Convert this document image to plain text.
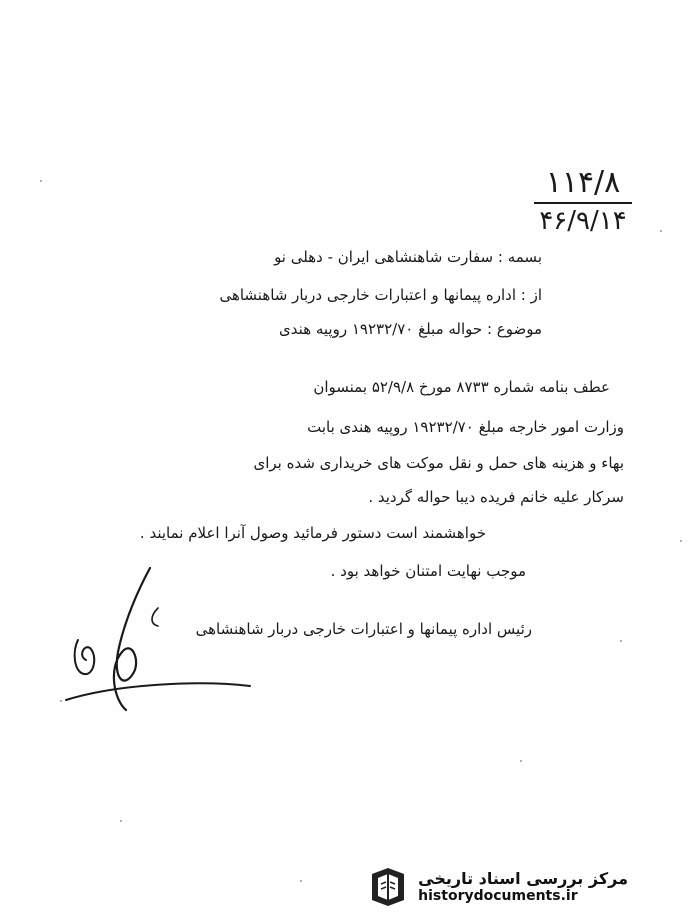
۱۱۴/۸
۴۶/۹/۱۴
بسمه : سفارت شاهنشاهی ایران - دهلی نو
از : اداره پیمانها و اعتبارات خارجی دربار شاهنشاهی
موضوع : حواله مبلغ ۱۹۲۳۲/۷۰ روپیه هندی
عطف بنامه شماره ۸۷۳۳ مورخ ۵۲/۹/۸ بمنسوان
وزارت امور خارجه مبلغ ۱۹۲۳۲/۷۰ روپیه هندی بابت
بهاء و هزینه های حمل و نقل موکت های خریداری شده برای
سرکار علیه خانم فریده دیبا حواله گردید .
خواهشمند است دستور فرمائید وصول آنرا اعلام نمایند .
موجب نهایت امتنان خواهد بود .
رئیس اداره پیمانها و اعتبارات خارجی دربار شاهنشاهی
مرکز بررسی اسناد تاریخی
historydocuments.ir
